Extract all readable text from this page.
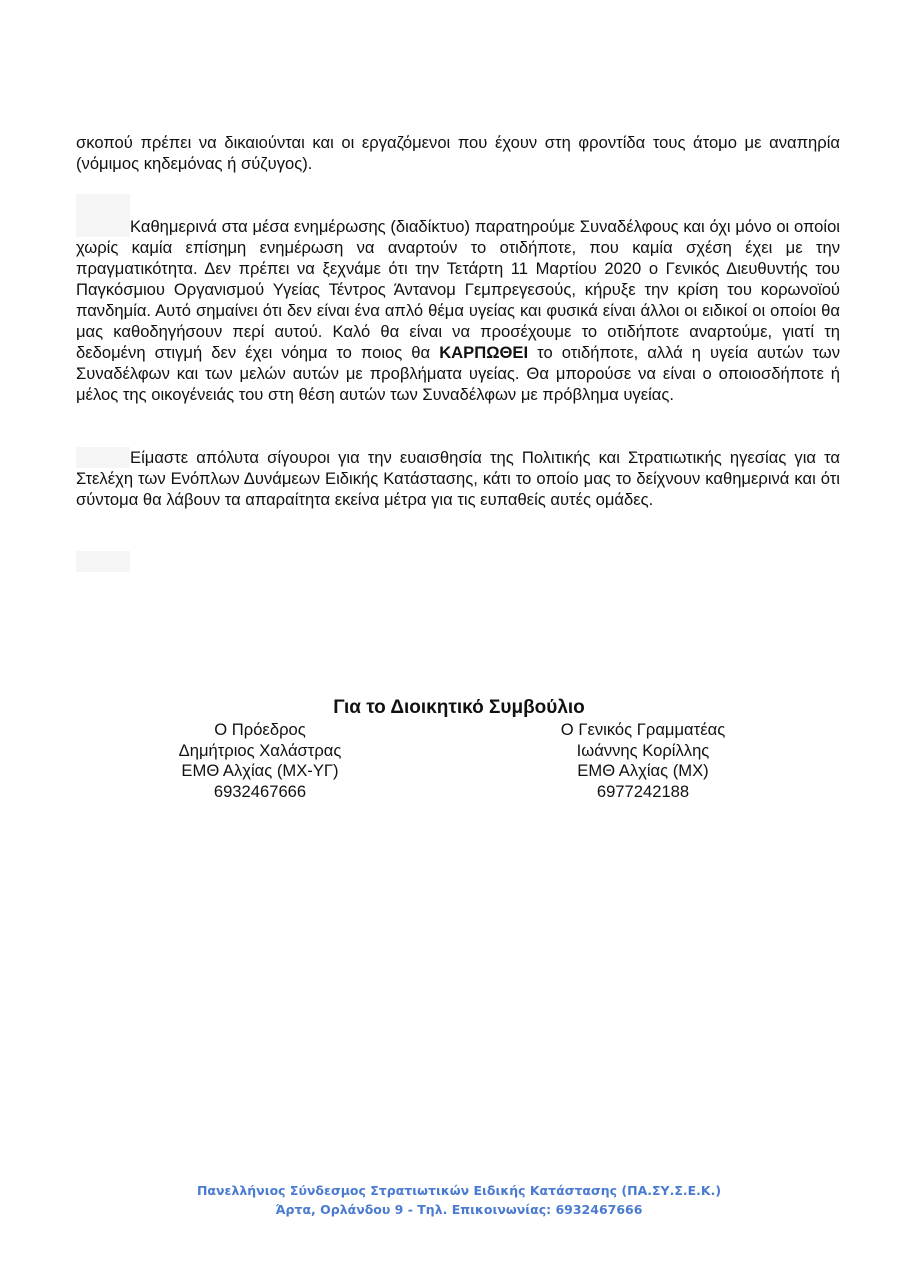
σκοπού πρέπει να δικαιούνται και οι εργαζόμενοι που έχουν στη φροντίδα τους άτομο με αναπηρία (νόμιμος κηδεμόνας ή σύζυγος).

Καθημερινά στα μέσα ενημέρωσης (διαδίκτυο) παρατηρούμε Συναδέλφους και όχι μόνο οι οποίοι χωρίς καμία επίσημη ενημέρωση να αναρτούν το οτιδήποτε, που καμία σχέση έχει με την πραγματικότητα. Δεν πρέπει να ξεχνάμε ότι την Τετάρτη 11 Μαρτίου 2020 ο Γενικός Διευθυντής του Παγκόσμιου Οργανισμού Υγείας Τέντρος Άντανομ Γεμπρεγεσούς, κήρυξε την κρίση του κορωνοϊού πανδημία. Αυτό σημαίνει ότι δεν είναι ένα απλό θέμα υγείας και φυσικά είναι άλλοι οι ειδικοί οι οποίοι θα μας καθοδηγήσουν περί αυτού. Καλό θα είναι να προσέχουμε το οτιδήποτε αναρτούμε, γιατί τη δεδομένη στιγμή δεν έχει νόημα το ποιος θα ΚΑΡΠΩΘΕΙ το οτιδήποτε, αλλά η υγεία αυτών των Συναδέλφων και των μελών αυτών με προβλήματα υγείας. Θα μπορούσε να είναι ο οποιοσδήποτε ή μέλος της οικογένειάς του στη θέση αυτών των Συναδέλφων με πρόβλημα υγείας.

Είμαστε απόλυτα σίγουροι για την ευαισθησία της Πολιτικής και Στρατιωτικής ηγεσίας για τα Στελέχη των Ενόπλων Δυνάμεων Ειδικής Κατάστασης, κάτι το οποίο μας το δείχνουν καθημερινά και ότι σύντομα θα λάβουν τα απαραίτητα εκείνα μέτρα για τις ευπαθείς αυτές ομάδες.

Για το Διοικητικό Συμβούλιο
Ο Πρόεδρος
Δημήτριος Χαλάστρας
ΕΜΘ Αλχίας (ΜΧ-ΥΓ)
6932467666
Ο Γενικός Γραμματέας
Ιωάννης Κορίλλης
ΕΜΘ Αλχίας (ΜΧ)
6977242188
Πανελλήνιος Σύνδεσμος Στρατιωτικών Ειδικής Κατάστασης (ΠΑ.ΣΥ.Σ.Ε.Κ.)
Άρτα, Ορλάνδου 9 - Τηλ. Επικοινωνίας: 6932467666
